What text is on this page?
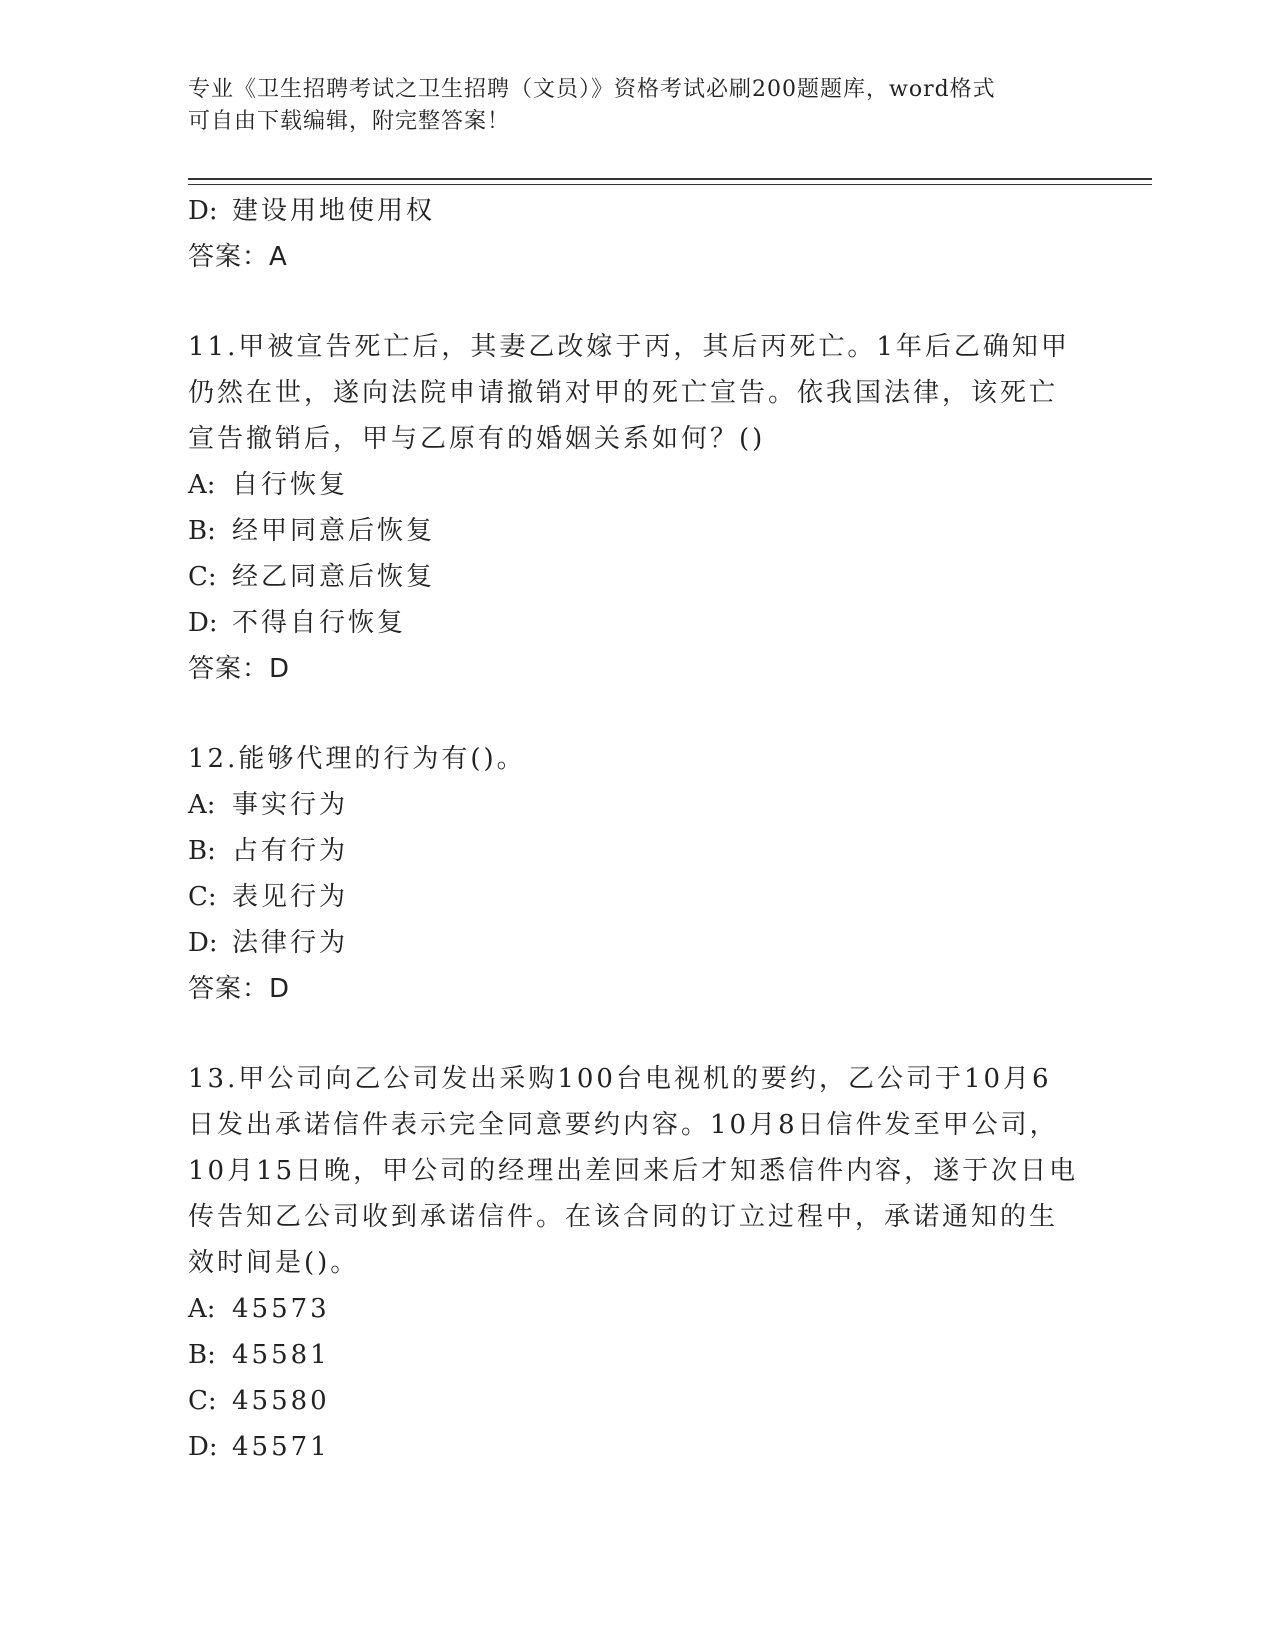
专业《卫生招聘考试之卫生招聘（文员）》资格考试必刷200题题库，word格式
可自由下载编辑，附完整答案！
D: 建设用地使用权
答案：A
11.甲被宣告死亡后，其妻乙改嫁于丙，其后丙死亡。1年后乙确知甲
仍然在世，遂向法院申请撤销对甲的死亡宣告。依我国法律，该死亡
宣告撤销后，甲与乙原有的婚姻关系如何？()
A: 自行恢复
B: 经甲同意后恢复
C: 经乙同意后恢复
D: 不得自行恢复
答案：D
12.能够代理的行为有()。
A: 事实行为
B: 占有行为
C: 表见行为
D: 法律行为
答案：D
13.甲公司向乙公司发出采购100台电视机的要约，乙公司于10月6
日发出承诺信件表示完全同意要约内容。10月8日信件发至甲公司，
10月15日晚，甲公司的经理出差回来后才知悉信件内容，遂于次日电
传告知乙公司收到承诺信件。在该合同的订立过程中，承诺通知的生
效时间是()。
A: 45573
B: 45581
C: 45580
D: 45571
